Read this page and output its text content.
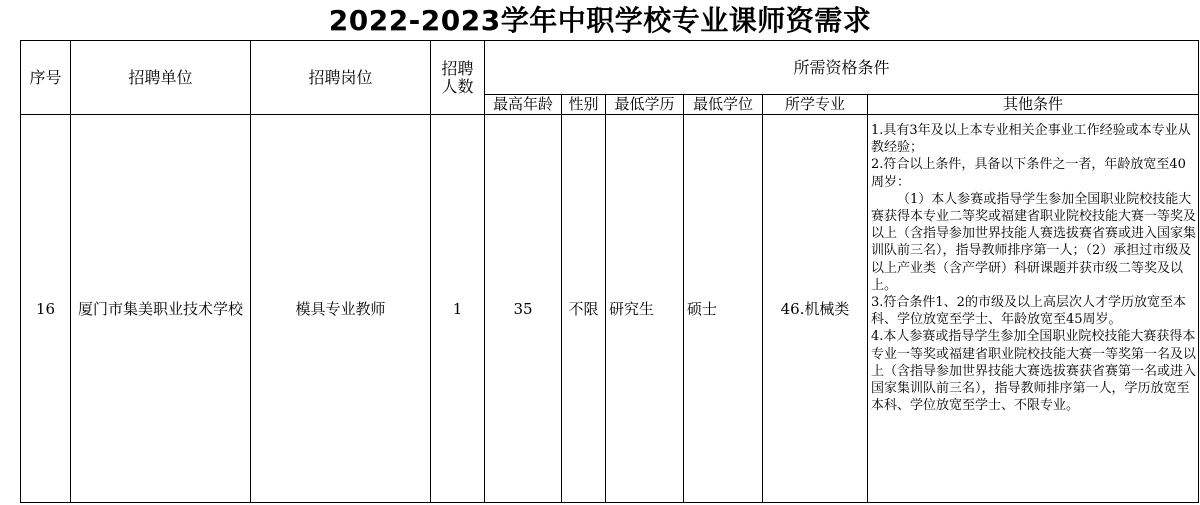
2022-2023学年中职学校专业课师资需求
序号	招聘单位	招聘岗位	招聘人数	所需资格条件					
				最高年龄	性别	最低学历	最低学位	所学专业	其他条件
16	厦门市集美职业技术学校	模具专业教师	1	35	不限	研究生	硕士	46.机械类	1.具有3年及以上本专业相关企事业工作经验或本专业从教经验；
2.符合以上条件，具备以下条件之一者，年龄放宽至40周岁：
（1）本人参赛或指导学生参加全国职业院校技能大赛获得本专业二等奖或福建省职业院校技能大赛一等奖及以上（含指导参加世界技能人赛选拔赛省赛或进入国家集训队前三名），指导教师排序第一人；（2）承担过市级及以上产业类（含产学研）科研课题并获市级二等奖及以上。
3.符合条件1、2的市级及以上高层次人才学历放宽至本科、学位放宽至学士、年龄放宽至45周岁。
4.本人参赛或指导学生参加全国职业院校技能大赛获得本专业一等奖或福建省职业院校技能大赛一等奖第一名及以上（含指导参加世界技能大赛选拔赛获省赛第一名或进入国家集训队前三名），指导教师排序第一人，学历放宽至本科、学位放宽至学士、不限专业。
